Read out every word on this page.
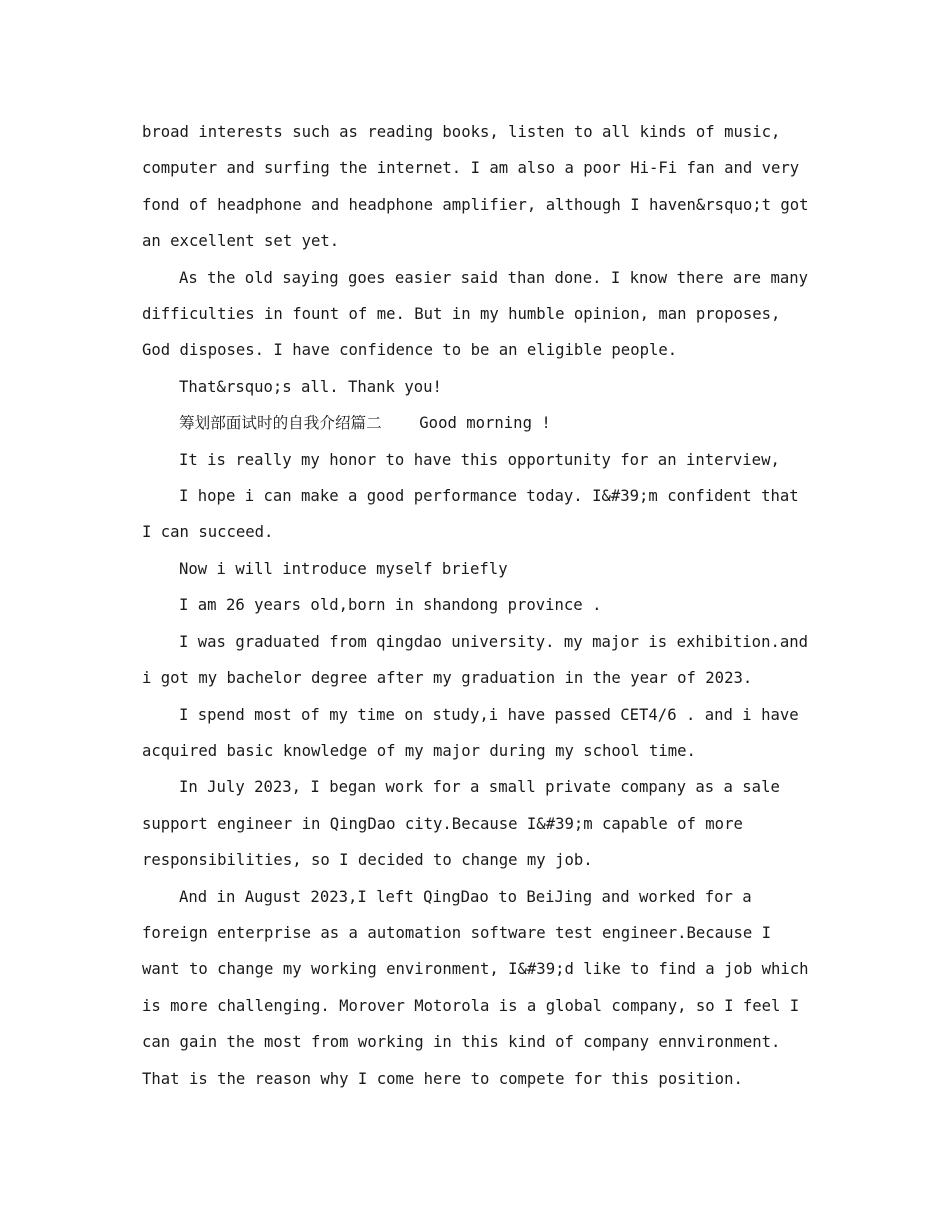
broad interests such as reading books, listen to all kinds of music,
computer and surfing the internet. I am also a poor Hi-Fi fan and very
fond of headphone and headphone amplifier, although I haven&rsquo;t got
an excellent set yet.
As the old saying goes easier said than done. I know there are many
difficulties in fount of me. But in my humble opinion, man proposes,
God disposes. I have confidence to be an eligible people.
That&rsquo;s all. Thank you!
筹划部面试时的自我介绍篇二 Good morning !
It is really my honor to have this opportunity for an interview,
I hope i can make a good performance today. I&#39;m confident that
I can succeed.
Now i will introduce myself briefly
I am 26 years old,born in shandong province .
I was graduated from qingdao university. my major is exhibition.and
i got my bachelor degree after my graduation in the year of 2023.
I spend most of my time on study,i have passed CET4/6 . and i have
acquired basic knowledge of my major during my school time.
In July 2023, I began work for a small private company as a sale
support engineer in QingDao city.Because I&#39;m capable of more
responsibilities, so I decided to change my job.
And in August 2023,I left QingDao to BeiJing and worked for a
foreign enterprise as a automation software test engineer.Because I
want to change my working environment, I&#39;d like to find a job which
is more challenging. Morover Motorola is a global company, so I feel I
can gain the most from working in this kind of company ennvironment.
That is the reason why I come here to compete for this position.
